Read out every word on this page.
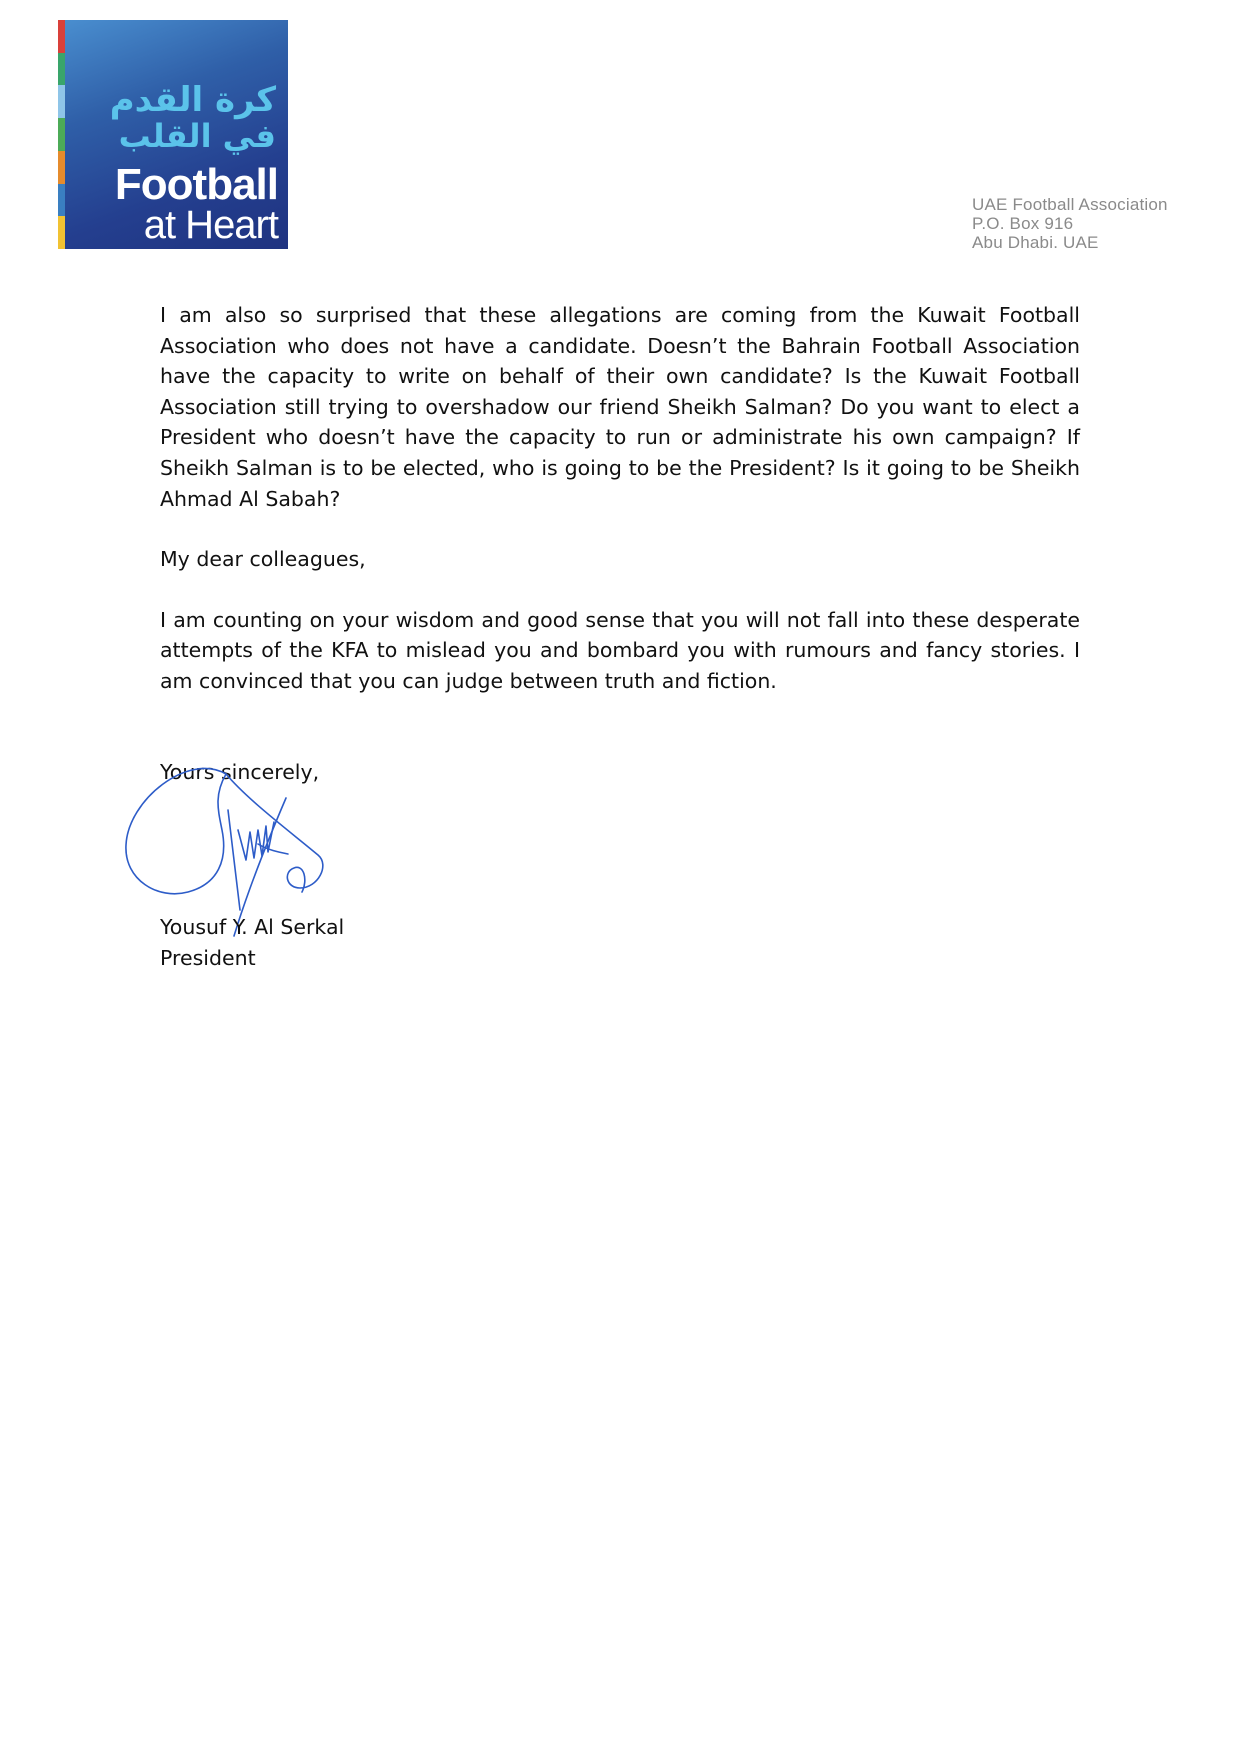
كرة القدم
في القلب
Football
at Heart	UAE Football Association
P.O. Box 916
Abu Dhabi. UAE

I am also so surprised that these allegations are coming from the Kuwait Football Association who does not have a candidate. Doesn’t the Bahrain Football Association have the capacity to write on behalf of their own candidate? Is the Kuwait Football Association still trying to overshadow our friend Sheikh Salman? Do you want to elect a President who doesn’t have the capacity to run or administrate his own campaign? If Sheikh Salman is to be elected, who is going to be the President? Is it going to be Sheikh Ahmad Al Sabah?

My dear colleagues,

I am counting on your wisdom and good sense that you will not fall into these desperate attempts of the KFA to mislead you and bombard you with rumours and fancy stories. I am convinced that you can judge between truth and fiction.

Yours sincerely,

Yousuf Y. Al Serkal
President
